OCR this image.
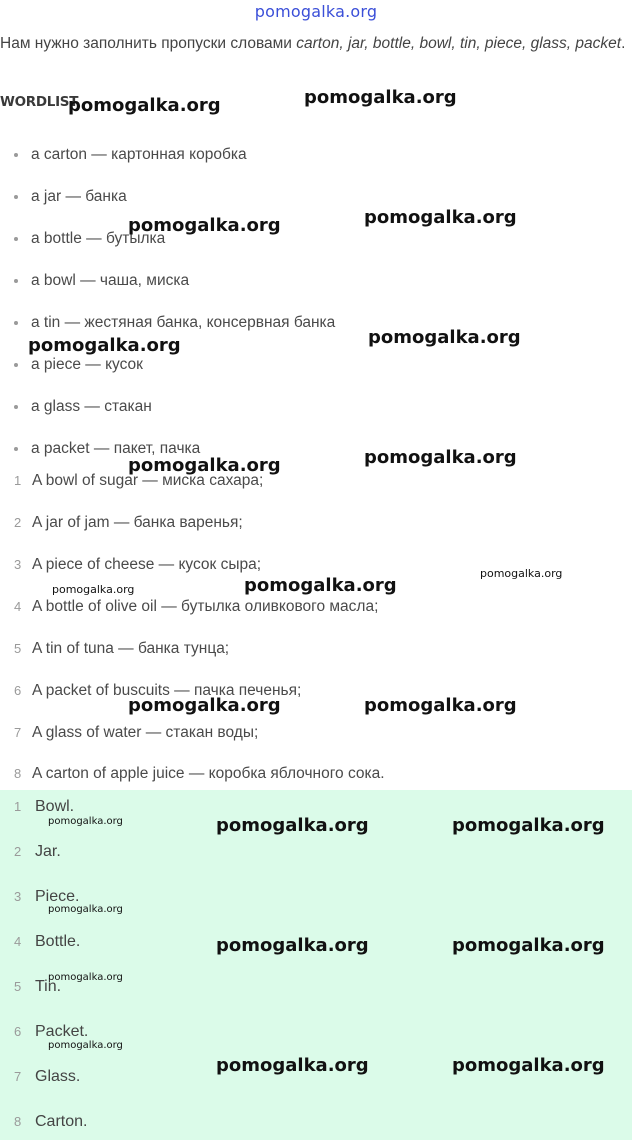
pomogalka.org
Нам нужно заполнить пропуски словами carton, jar, bottle, bowl, tin, piece, glass, packet.
WORDLIST
a carton — картонная коробка
a jar — банка
a bottle — бутылка
a bowl — чаша, миска
a tin — жестяная банка, консервная банка
a piece — кусок
a glass — стакан
a packet — пакет, пачка
1 A bowl of sugar — миска сахара;
2 A jar of jam — банка варенья;
3 A piece of cheese — кусок сыра;
4 A bottle of olive oil — бутылка оливкового масла;
5 A tin of tuna — банка тунца;
6 A packet of buscuits — пачка печенья;
7 A glass of water — стакан воды;
8 A carton of apple juice — коробка яблочного сока.
1 Bowl.
2 Jar.
3 Piece.
4 Bottle.
5 Tin.
6 Packet.
7 Glass.
8 Carton.
pomogalka.org	pomogalka.org
pomogalka.org	pomogalka.org
pomogalka.org	pomogalka.org
pomogalka.org	pomogalka.org
pomogalka.org	pomogalka.org
pomogalka.org
pomogalka.org	pomogalka.org
pomogalka.org	pomogalka.org	pomogalka.org
pomogalka.org
pomogalka.org	pomogalka.org
pomogalka.org
pomogalka.org
pomogalka.org	pomogalka.org
